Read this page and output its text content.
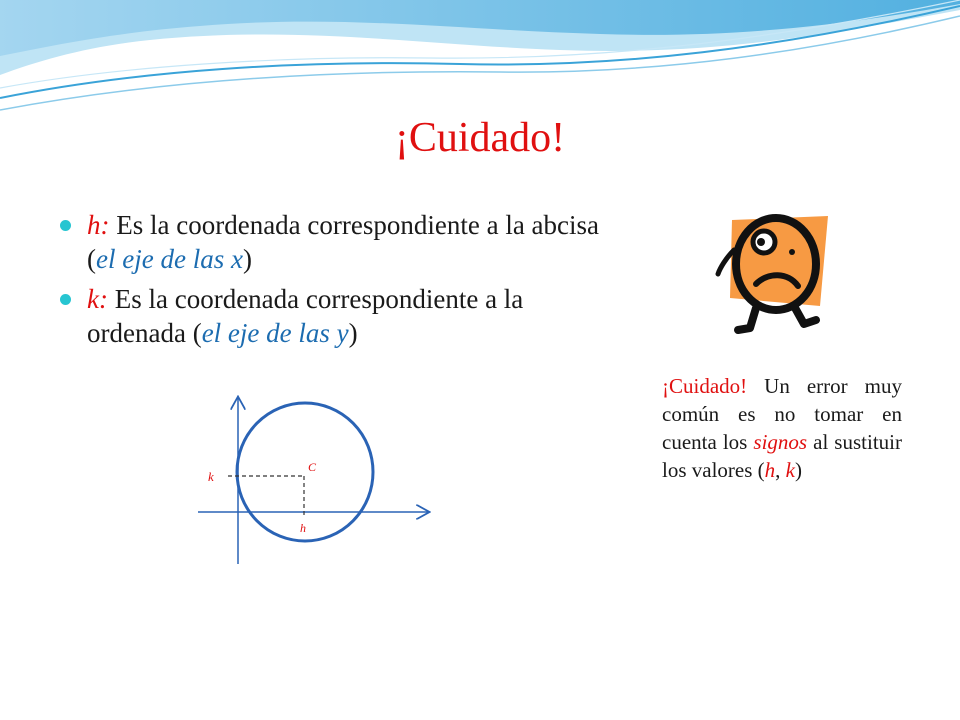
¡Cuidado!
h: Es la coordenada correspondiente a la abcisa (el eje de las x)
k: Es la coordenada correspondiente a la ordenada (el eje de las y)
C
k
h
¡Cuidado! Un error muy común es no tomar en cuenta los signos al sustituir los valores (h, k)
